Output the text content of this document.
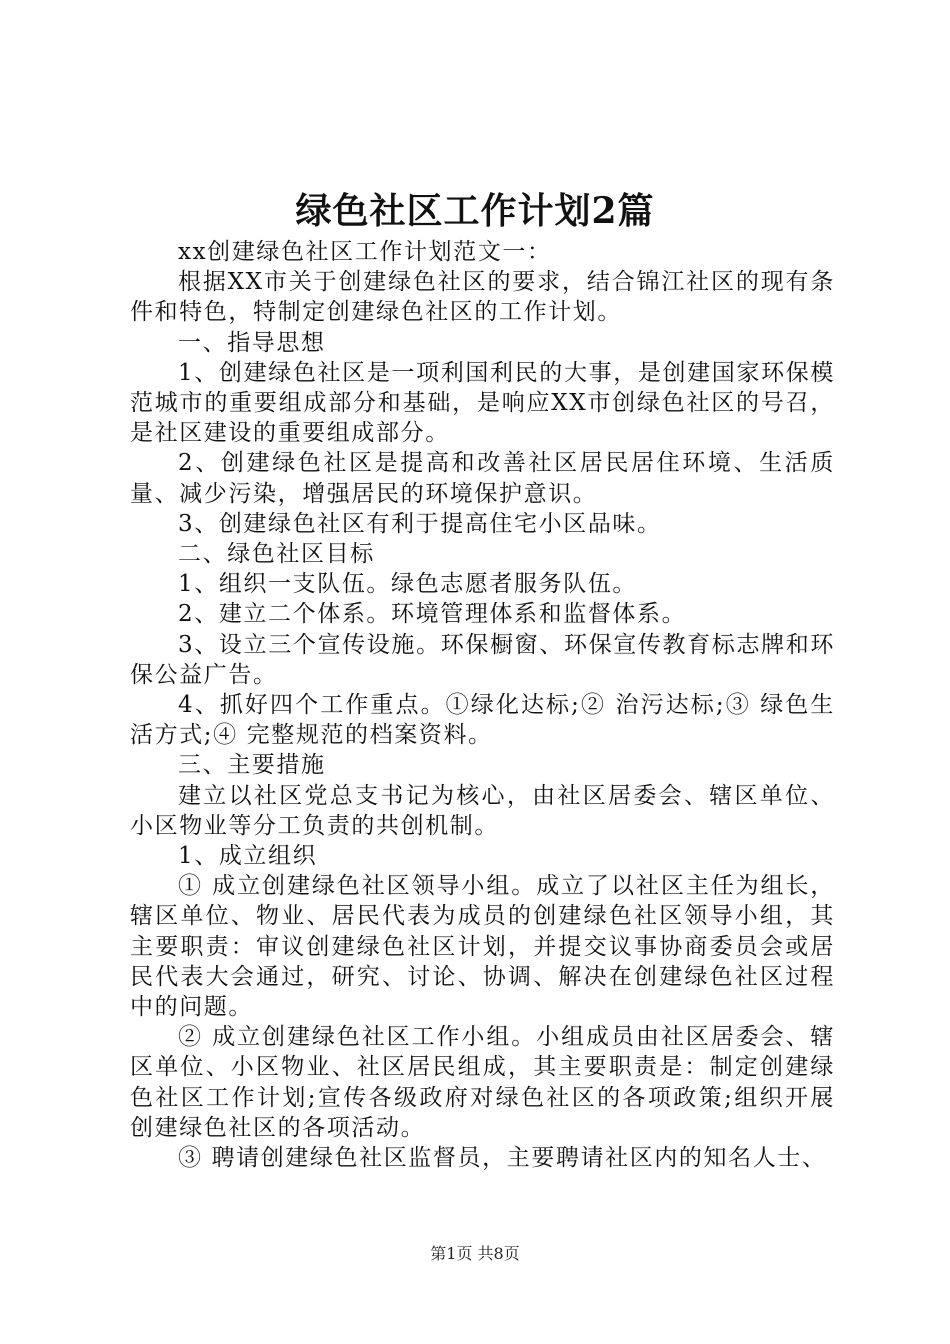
绿色社区工作计划2篇

xx创建绿色社区工作计划范文一：

根据XX市关于创建绿色社区的要求，结合锦江社区的现有条件和特色，特制定创建绿色社区的工作计划。

一、指导思想

1、创建绿色社区是一项利国利民的大事，是创建国家环保模范城市的重要组成部分和基础，是响应XX市创绿色社区的号召，是社区建设的重要组成部分。

2、创建绿色社区是提高和改善社区居民居住环境、生活质量、减少污染，增强居民的环境保护意识。

3、创建绿色社区有利于提高住宅小区品味。

二、绿色社区目标

1、组织一支队伍。绿色志愿者服务队伍。

2、建立二个体系。环境管理体系和监督体系。

3、设立三个宣传设施。环保橱窗、环保宣传教育标志牌和环保公益广告。

4、抓好四个工作重点。①绿化达标;② 治污达标;③ 绿色生活方式;④ 完整规范的档案资料。

三、主要措施

建立以社区党总支书记为核心，由社区居委会、辖区单位、小区物业等分工负责的共创机制。

1、成立组织

① 成立创建绿色社区领导小组。成立了以社区主任为组长，辖区单位、物业、居民代表为成员的创建绿色社区领导小组，其主要职责：审议创建绿色社区计划，并提交议事协商委员会或居民代表大会通过，研究、讨论、协调、解决在创建绿色社区过程中的问题。

② 成立创建绿色社区工作小组。小组成员由社区居委会、辖区单位、小区物业、社区居民组成，其主要职责是：制定创建绿色社区工作计划;宣传各级政府对绿色社区的各项政策;组织开展创建绿色社区的各项活动。

③ 聘请创建绿色社区监督员，主要聘请社区内的知名人士、

第1页 共8页
